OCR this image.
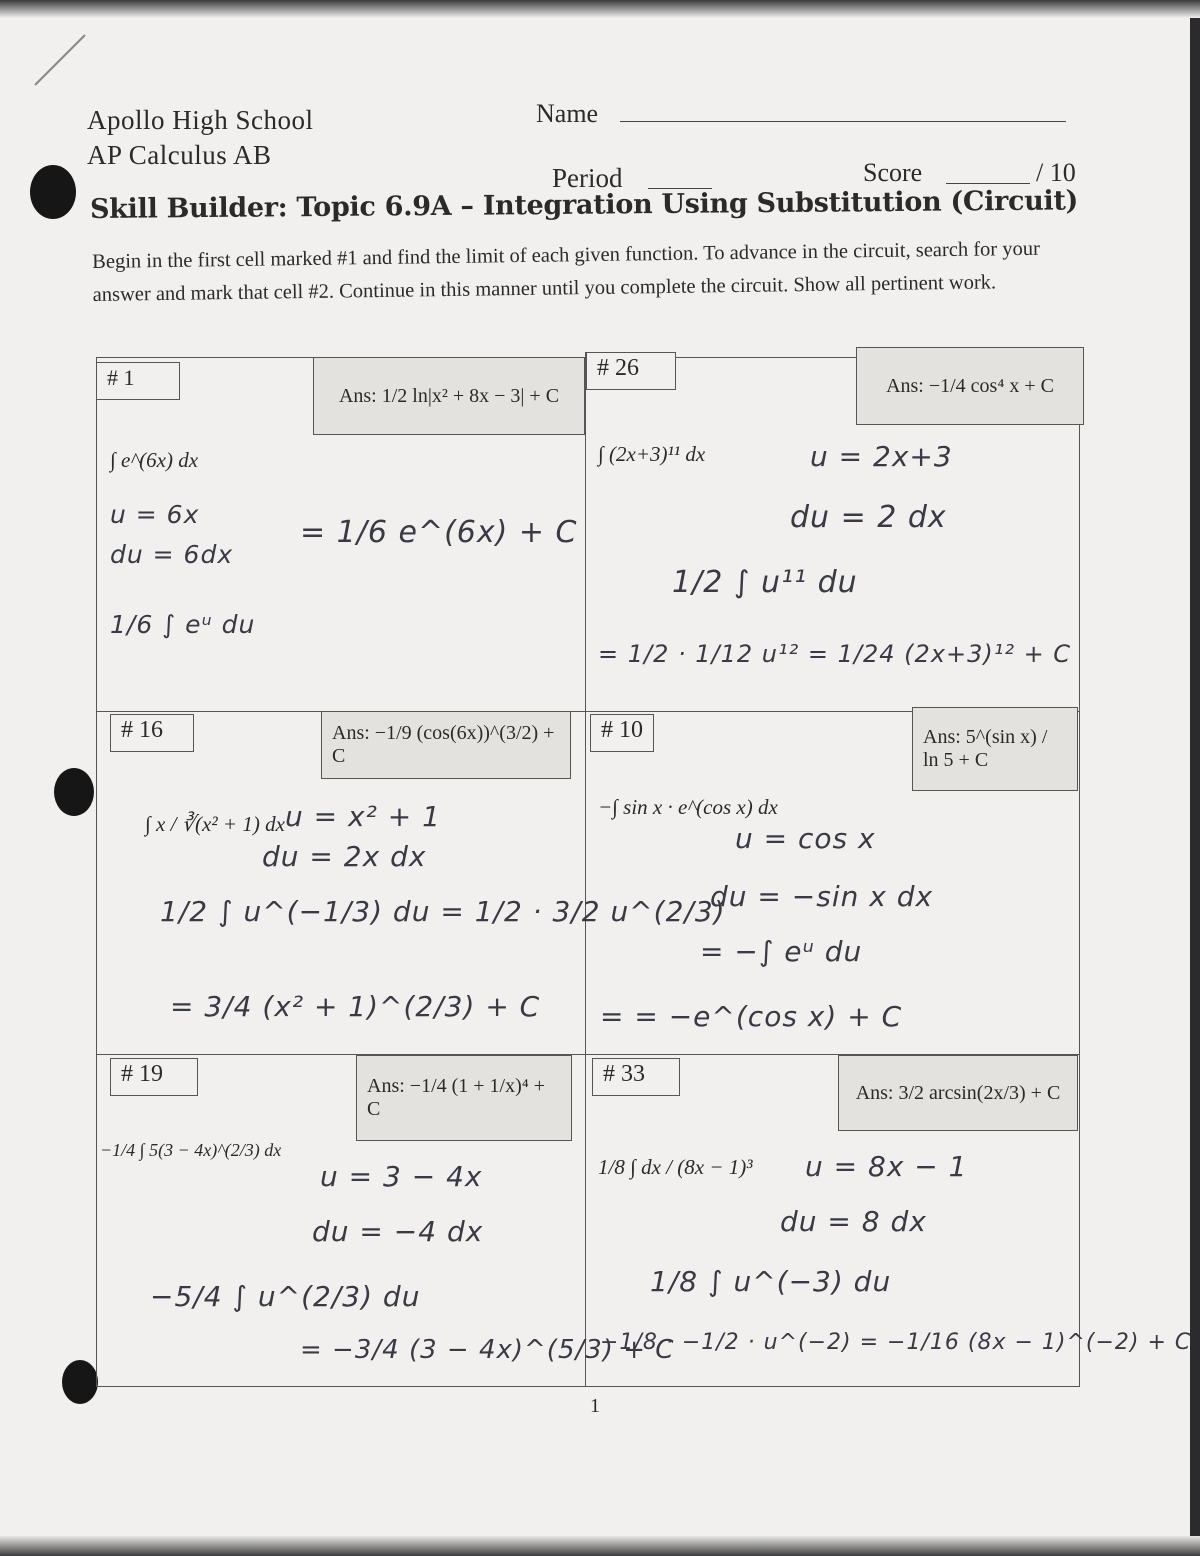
Apollo High School
AP Calculus AB
Name
Period	Score	/ 10
Skill Builder: Topic 6.9A – Integration Using Substitution (Circuit)
Begin in the first cell marked #1 and find the limit of each given function. To advance in the circuit, search for your answer and mark that cell #2. Continue in this manner until you complete the circuit. Show all pertinent work.
# 1
Ans: 1/2 ln|x² + 8x − 3| + C
∫ e^(6x) dx
u = 6x
du = 6dx
1/6 ∫ eᵘ du
= 1/6 e^(6x) + C
# 26
Ans: −1/4 cos⁴ x + C
∫ (2x+3)¹¹ dx	u = 2x+3
du = 2 dx
1/2 ∫ u¹¹ du
= 1/2 · 1/12 u¹² = 1/24 (2x+3)¹² + C
# 16	Ans: −1/9 (cos(6x))^(3/2) + C
∫ x / ∛(x² + 1) dx u = x² + 1
du = 2x dx
1/2 ∫ u^(−1/3) du = 1/2 · 3/2 u^(2/3)
= 3/4 (x² + 1)^(2/3) + C
# 10	Ans: 5^(sin x) / ln 5 + C
−∫ sin x · e^(cos x) dx
u = cos x
du = −sin x dx
= −∫ eᵘ du
= = −e^(cos x) + C
# 19	Ans: −1/4 (1 + 1/x)⁴ + C
−1/4 ∫ 5(3 − 4x)^(2/3) dx
u = 3 − 4x
du = −4 dx
−5/4 ∫ u^(2/3) du
= −3/4 (3 − 4x)^(5/3) + C
# 33
Ans: 3/2 arcsin(2x/3) + C
1/8 ∫ dx / (8x − 1)³ u = 8x − 1
du = 8 dx
1/8 ∫ u^(−3) du
−1/8 · −1/2 · u^(−2) = −1/16 (8x − 1)^(−2) + C
1
